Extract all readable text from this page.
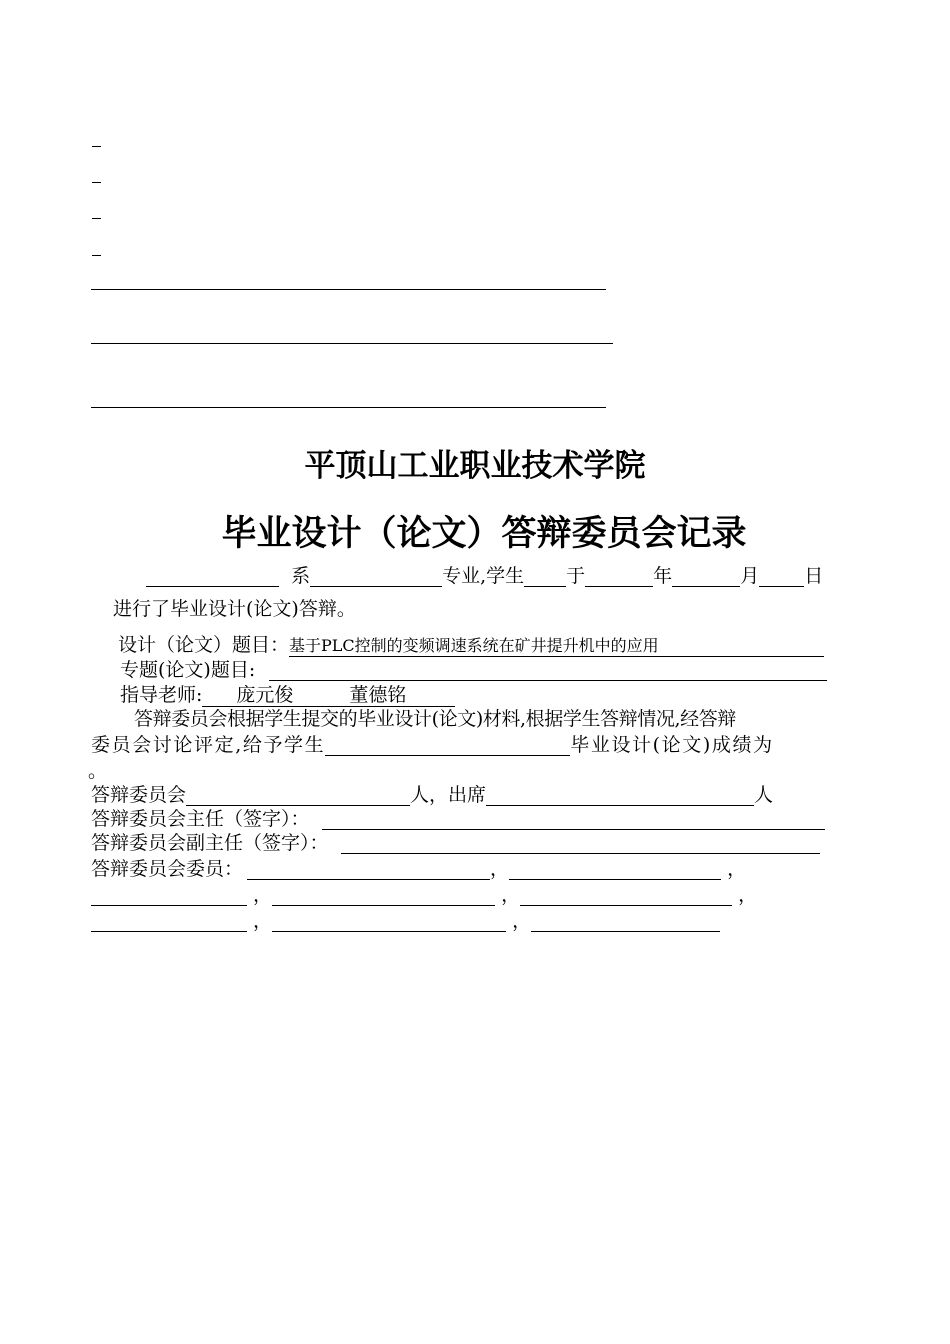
平顶山工业职业技术学院
毕业设计（论文）答辩委员会记录
系	专业,学生 于	年	月 日
进行了毕业设计(论文)答辩。
设计（论文）题目：基于PLC控制的变频调速系统在矿井提升机中的应用
专题(论文)题目:
指导老师: 庞元俊	董德铭
答辩委员会根据学生提交的毕业设计(论文)材料,根据学生答辩情况,经答辩
委员会讨论评定,给予学生	毕业设计(论文)成绩为
。
答辩委员会	人，出席	人
答辩委员会主任（签字）：
答辩委员会副主任（签字）：
答辩委员会委员：	，	，
，	，	，
，	，
